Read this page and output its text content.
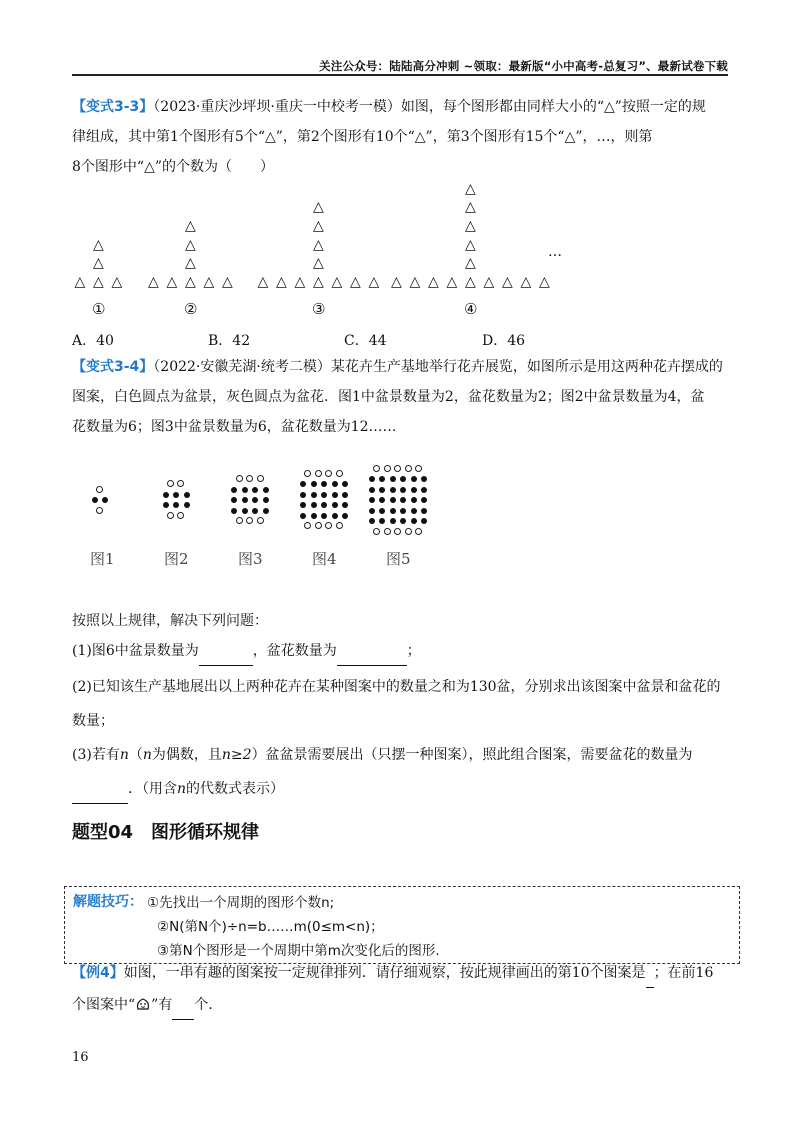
关注公众号：陆陆高分冲刺 ~领取：最新版“小中高考-总复习”、最新试卷下载
【变式3-3】（2023·重庆沙坪坝·重庆一中校考一模）如图，每个图形都由同样大小的“△”按照一定的规
律组成，其中第1个图形有5个“△”，第2个图形有10个“△”，第3个图形有15个“△”，…，则第
8个图形中“△”的个数为（　　）
…
△ △ △
△
△
△ △ △ △ △
△
△
△
△ △ △ △ △ △ △
△
△
△
△
△ △ △ △ △ △ △ △ △
△
△
△
△
△
①	②	③	④
A．40	B．42	C．44	D．46
【变式3-4】（2022·安徽芜湖·统考二模）某花卉生产基地举行花卉展览，如图所示是用这两种花卉摆成的
图案，白色圆点为盆景，灰色圆点为盆花．图1中盆景数量为2，盆花数量为2；图2中盆景数量为4，盆
花数量为6；图3中盆景数量为6，盆花数量为12……
图1	图2	图3	图4	图5
按照以上规律，解决下列问题：
(1)图6中盆景数量为	，盆花数量为	；
(2)已知该生产基地展出以上两种花卉在某种图案中的数量之和为130盆，分别求出该图案中盆景和盆花的
数量；
(3)若有n（n为偶数，且n≥2）盆盆景需要展出（只摆一种图案），照此组合图案，需要盆花的数量为
．（用含n的代数式表示）
题型04　图形循环规律
解题技巧： ①先找出一个周期的图形个数n;
②N(第N个)÷n=b……m(0≤m<n)；
③第N个图形是一个周期中第m次变化后的图形.
【例4】如图，一串有趣的图案按一定规律排列．请仔细观察，按此规律画出的第10个图案是 ；在前16
个图案中“ ”有 个．
16
